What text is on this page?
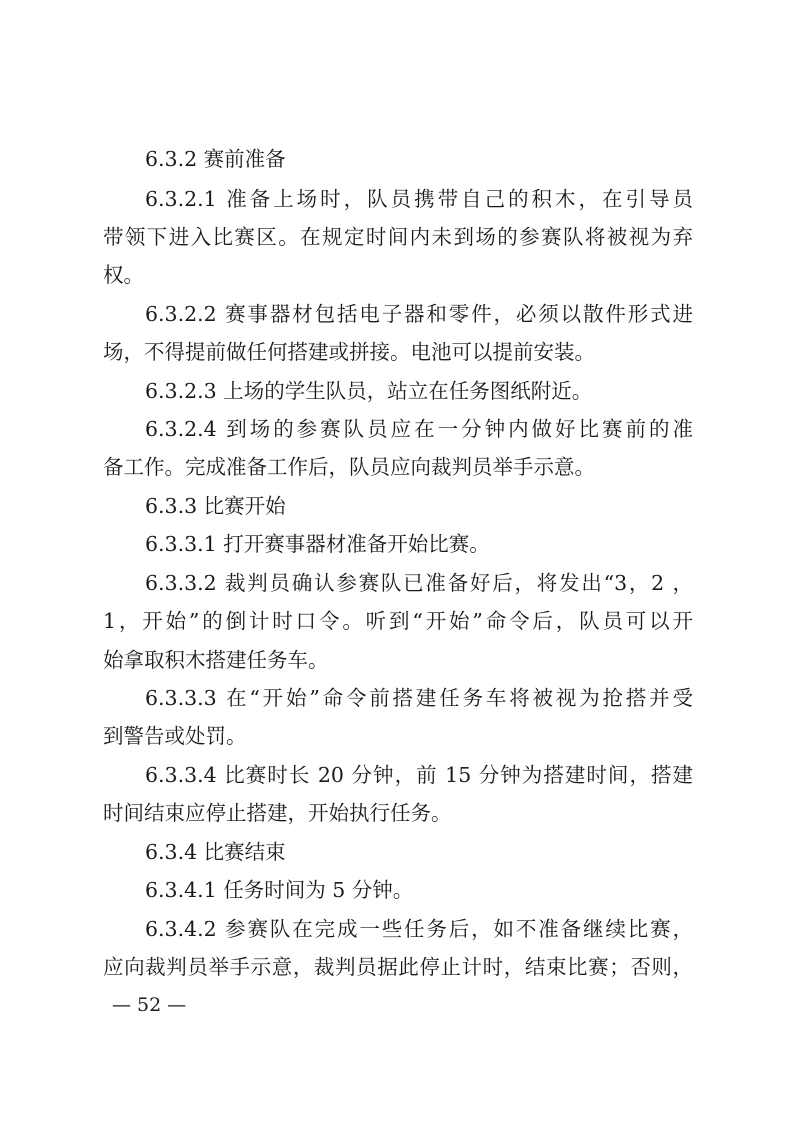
6.3.2 赛前准备
6.3.2.1 准备上场时，队员携带自己的积木，在引导员
带领下进入比赛区。在规定时间内未到场的参赛队将被视为弃
权。
6.3.2.2 赛事器材包括电子器和零件，必须以散件形式进
场，不得提前做任何搭建或拼接。电池可以提前安装。
6.3.2.3 上场的学生队员，站立在任务图纸附近。
6.3.2.4 到场的参赛队员应在一分钟内做好比赛前的准
备工作。完成准备工作后，队员应向裁判员举手示意。
6.3.3 比赛开始
6.3.3.1 打开赛事器材准备开始比赛。
6.3.3.2 裁判员确认参赛队已准备好后，将发出“3，2 ，
1，开始”的倒计时口令。听到“开始”命令后，队员可以开
始拿取积木搭建任务车。
6.3.3.3 在“开始”命令前搭建任务车将被视为抢搭并受
到警告或处罚。
6.3.3.4 比赛时长 20 分钟，前 15 分钟为搭建时间，搭建
时间结束应停止搭建，开始执行任务。
6.3.4 比赛结束
6.3.4.1 任务时间为 5 分钟。
6.3.4.2 参赛队在完成一些任务后，如不准备继续比赛，
应向裁判员举手示意，裁判员据此停止计时，结束比赛；否则，
— 52 —
